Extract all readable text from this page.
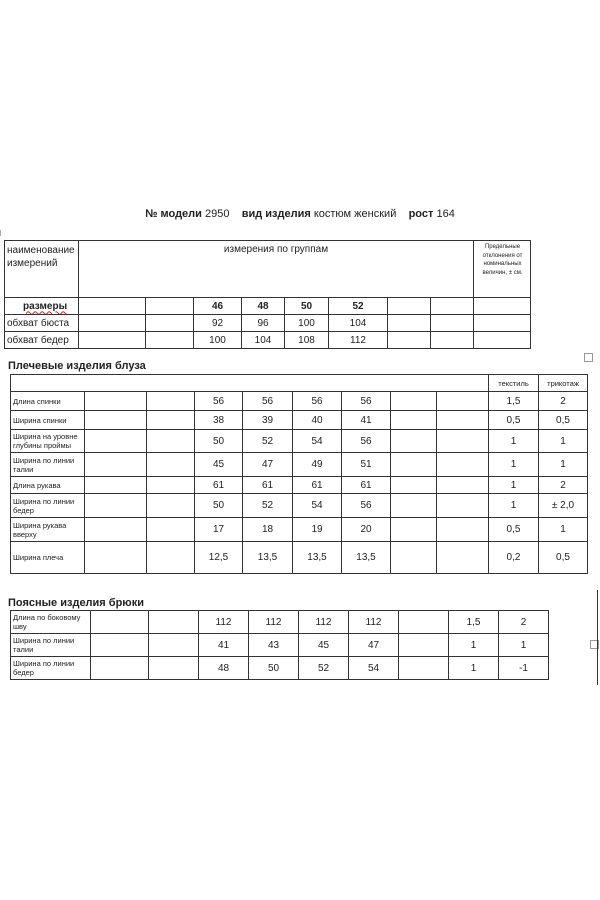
№ модели 2950 вид изделия костюм женский рост 164
наименование измерений	измерения по группам								Предельные отклонения от номинальных величин, ± см.
размеры			46	48	50	52			
обхват бюста			92	96	100	104			
обхват бедер			100	104	108	112			
Плечевые изделия блуза
									текстиль	трикотаж
Длина спинки			56	56	56	56			1,5	2
Ширина спинки			38	39	40	41			0,5	0,5
Ширина на уровне глубины проймы			50	52	54	56			1	1
Ширина по линии талии			45	47	49	51			1	1
Длина рукава			61	61	61	61			1	2
Ширина по линии бедер			50	52	54	56			1	± 2,0
Ширина рукава вверху			17	18	19	20			0,5	1
Ширина плеча			12,5	13,5	13,5	13,5			0,2	0,5
Поясные изделия брюки
Длина по боковому шву			112	112	112	112		1,5	2
Ширина по линии талии			41	43	45	47		1	1
Ширина по линии бедер			48	50	52	54		1	-1
